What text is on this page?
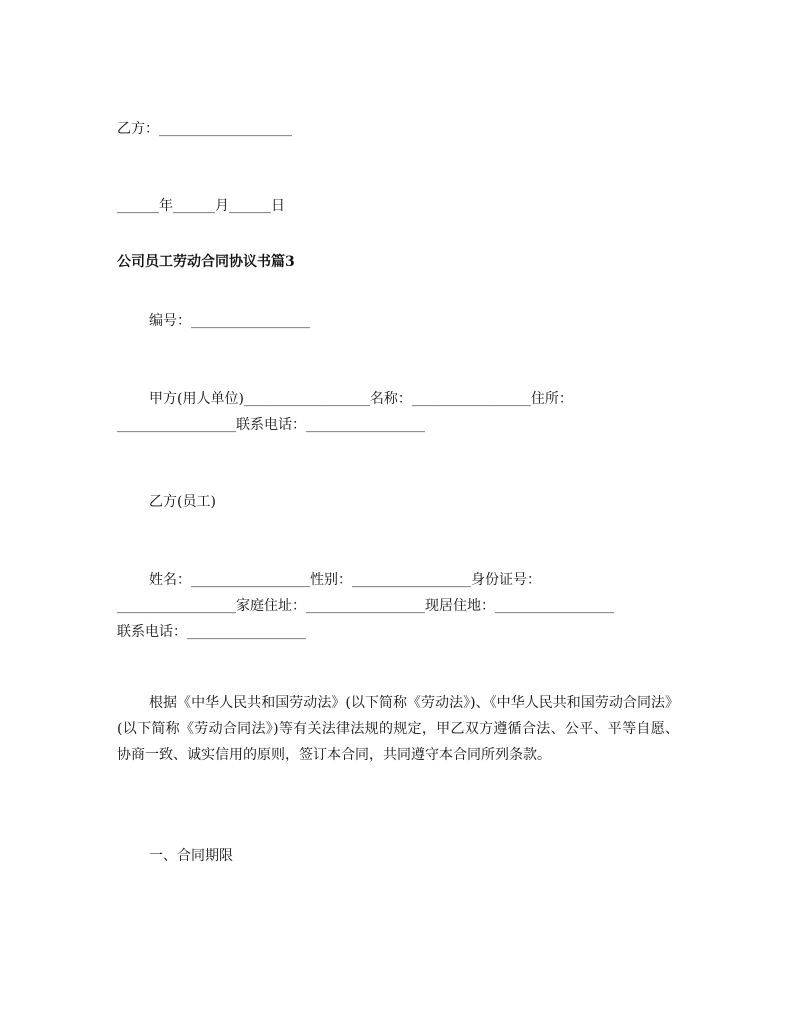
乙方：___________________
______年______月______日
公司员工劳动合同协议书篇3
编号：_________________
甲方(用人单位)__________________名称：_________________住所：
_________________联系电话：_________________
乙方(员工)
姓名：_________________性别：_________________身份证号：
_________________家庭住址：_________________现居住地：_________________
联系电话：_________________
根据《中华人民共和国劳动法》(以下简称《劳动法》)、《中华人民共和国劳动合同法》(以下简称《劳动合同法》)等有关法律法规的规定，甲乙双方遵循合法、公平、平等自愿、协商一致、诚实信用的原则，签订本合同，共同遵守本合同所列条款。
一、合同期限
